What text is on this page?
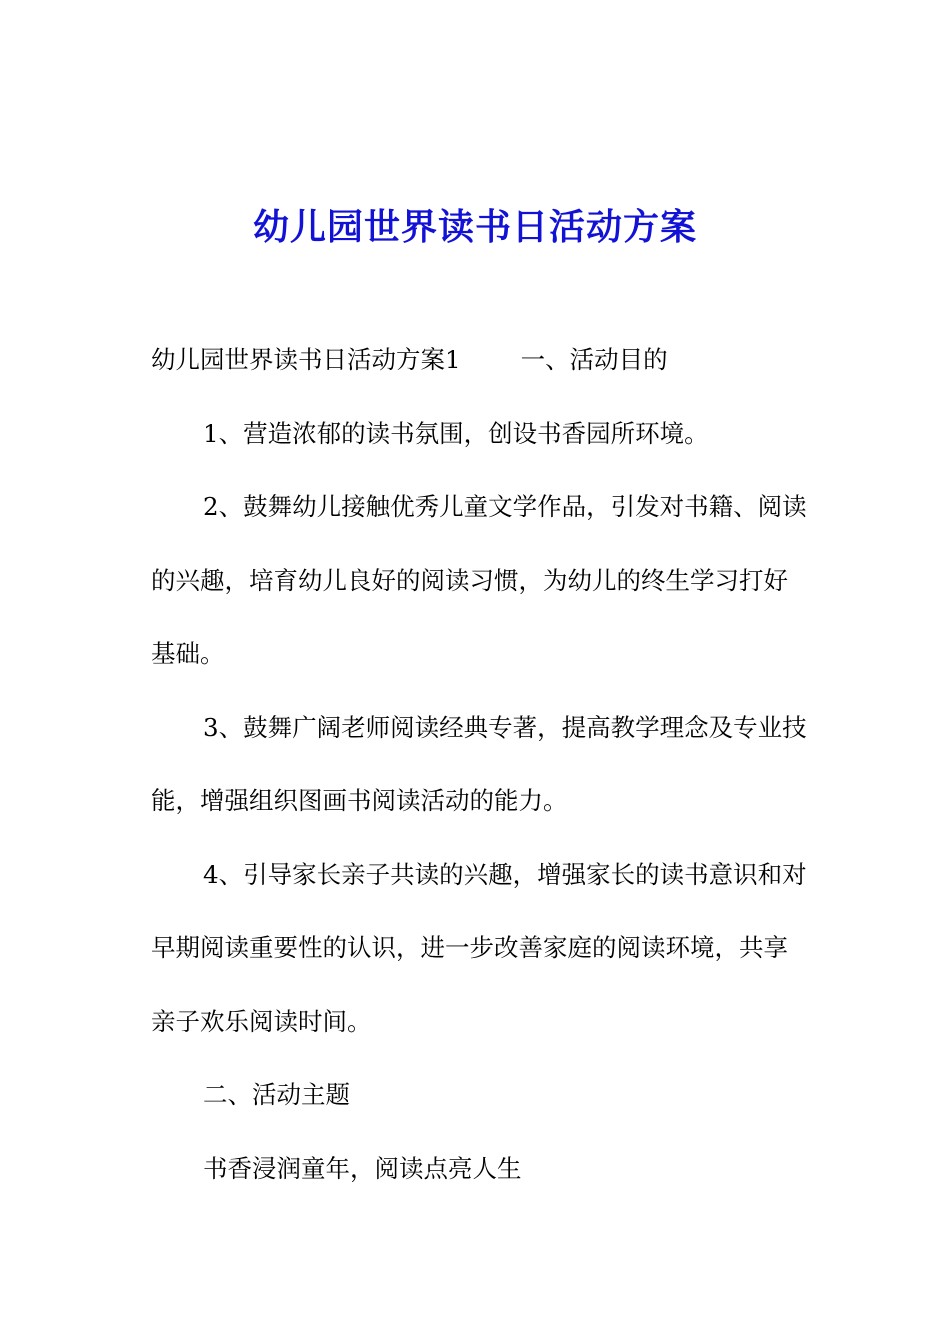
幼儿园世界读书日活动方案

幼儿园世界读书日活动方案1 一、活动目的

1、营造浓郁的读书氛围，创设书香园所环境。

2、鼓舞幼儿接触优秀儿童文学作品，引发对书籍、阅读的兴趣，培育幼儿良好的阅读习惯，为幼儿的终生学习打好基础。

3、鼓舞广阔老师阅读经典专著，提高教学理念及专业技能，增强组织图画书阅读活动的能力。

4、引导家长亲子共读的兴趣，增强家长的读书意识和对早期阅读重要性的认识，进一步改善家庭的阅读环境，共享亲子欢乐阅读时间。

二、活动主题

书香浸润童年，阅读点亮人生
